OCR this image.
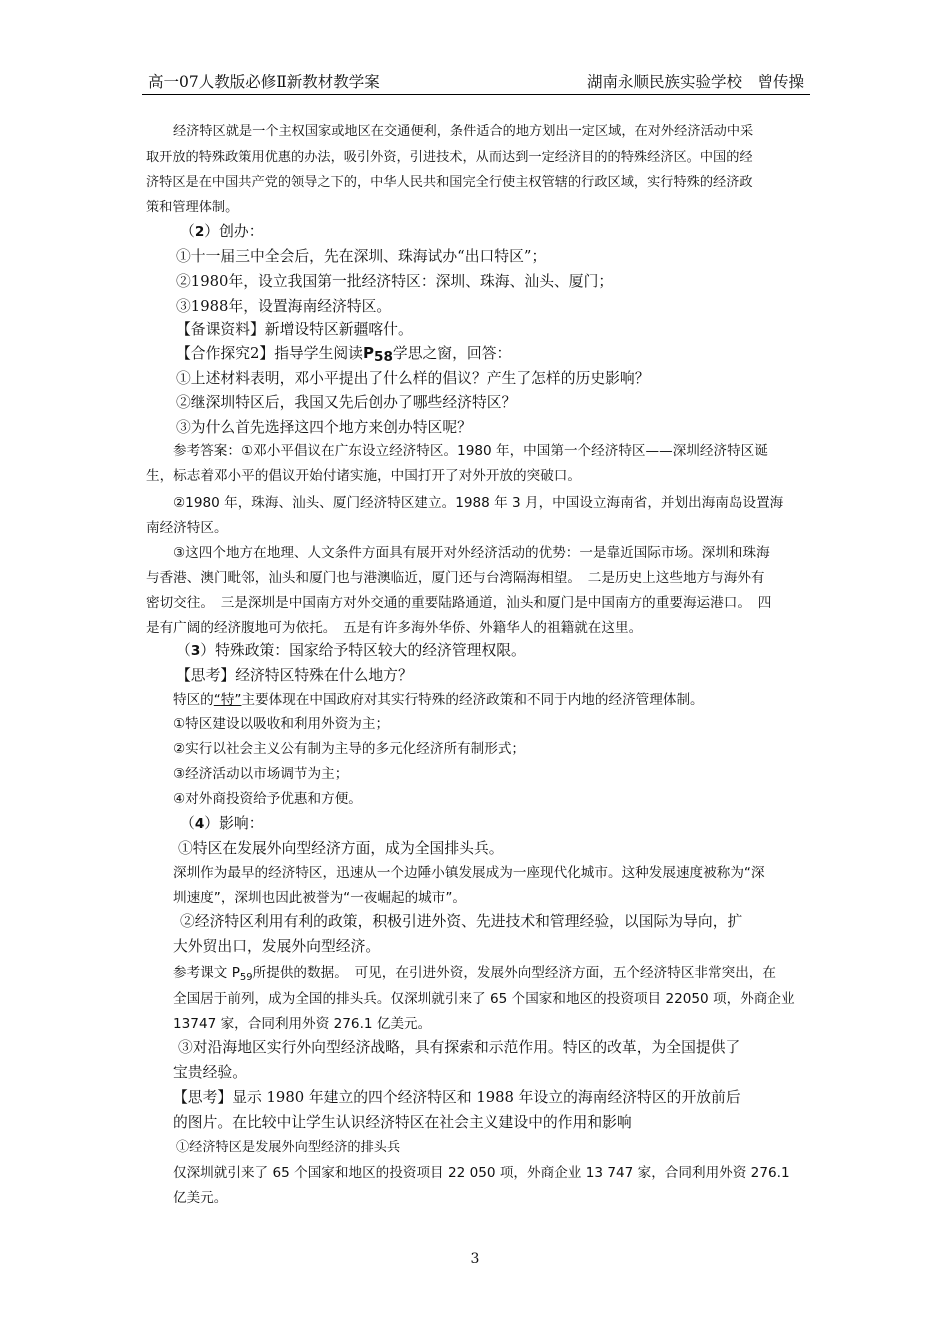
高一07人教版必修Ⅱ新教材教学案	湖南永顺民族实验学校　曾传操
经济特区就是一个主权国家或地区在交通便利，条件适合的地方划出一定区域，在对外经济活动中采
取开放的特殊政策用优惠的办法，吸引外资，引进技术，从而达到一定经济目的的特殊经济区。中国的经
济特区是在中国共产党的领导之下的，中华人民共和国完全行使主权管辖的行政区域，实行特殊的经济政
策和管理体制。
（2）创办：
①十一届三中全会后，先在深圳、珠海试办“出口特区”；
②1980年，设立我国第一批经济特区：深圳、珠海、汕头、厦门；
③1988年，设置海南经济特区。
【备课资料】新增设特区新疆喀什。
【合作探究2】指导学生阅读$P_{58}$学思之窗，回答：
①上述材料表明，邓小平提出了什么样的倡议？产生了怎样的历史影响？
②继深圳特区后，我国又先后创办了哪些经济特区？
③为什么首先选择这四个地方来创办特区呢？
参考答案：①邓小平倡议在广东设立经济特区。1980 年，中国第一个经济特区——深圳经济特区诞
生，标志着邓小平的倡议开始付诸实施，中国打开了对外开放的突破口。
②1980 年，珠海、汕头、厦门经济特区建立。1988 年 3 月，中国设立海南省，并划出海南岛设置海
南经济特区。
③这四个地方在地理、人文条件方面具有展开对外经济活动的优势：一是靠近国际市场。深圳和珠海
与香港、澳门毗邻，汕头和厦门也与港澳临近，厦门还与台湾隔海相望。　二是历史上这些地方与海外有
密切交往。　三是深圳是中国南方对外交通的重要陆路通道，汕头和厦门是中国南方的重要海运港口。　四
是有广阔的经济腹地可为依托。　五是有许多海外华侨、外籍华人的祖籍就在这里。
（3）特殊政策：国家给予特区较大的经济管理权限。
【思考】经济特区特殊在什么地方？
特区的“特”主要体现在中国政府对其实行特殊的经济政策和不同于内地的经济管理体制。
①特区建设以吸收和利用外资为主；
②实行以社会主义公有制为主导的多元化经济所有制形式；
③经济活动以市场调节为主；
④对外商投资给予优惠和方便。
（4）影响：
①特区在发展外向型经济方面，成为全国排头兵。
深圳作为最早的经济特区，迅速从一个边陲小镇发展成为一座现代化城市。这种发展速度被称为“深
圳速度”，深圳也因此被誉为“一夜崛起的城市”。
②经济特区利用有利的政策，积极引进外资、先进技术和管理经验，以国际为导向，扩
大外贸出口，发展外向型经济。
参考课文 $P_{59}$所提供的数据。　可见，在引进外资，发展外向型经济方面，五个经济特区非常突出，在
全国居于前列，成为全国的排头兵。仅深圳就引来了 65 个国家和地区的投资项目 22050 项，外商企业
13747 家，合同利用外资 276.1 亿美元。
③对沿海地区实行外向型经济战略，具有探索和示范作用。特区的改革，为全国提供了
宝贵经验。
【思考】显示 1980 年建立的四个经济特区和 1988 年设立的海南经济特区的开放前后
的图片。在比较中让学生认识经济特区在社会主义建设中的作用和影响
①经济特区是发展外向型经济的排头兵
仅深圳就引来了 65 个国家和地区的投资项目 22 050 项，外商企业 13 747 家，合同利用外资 276.1
亿美元。
3
